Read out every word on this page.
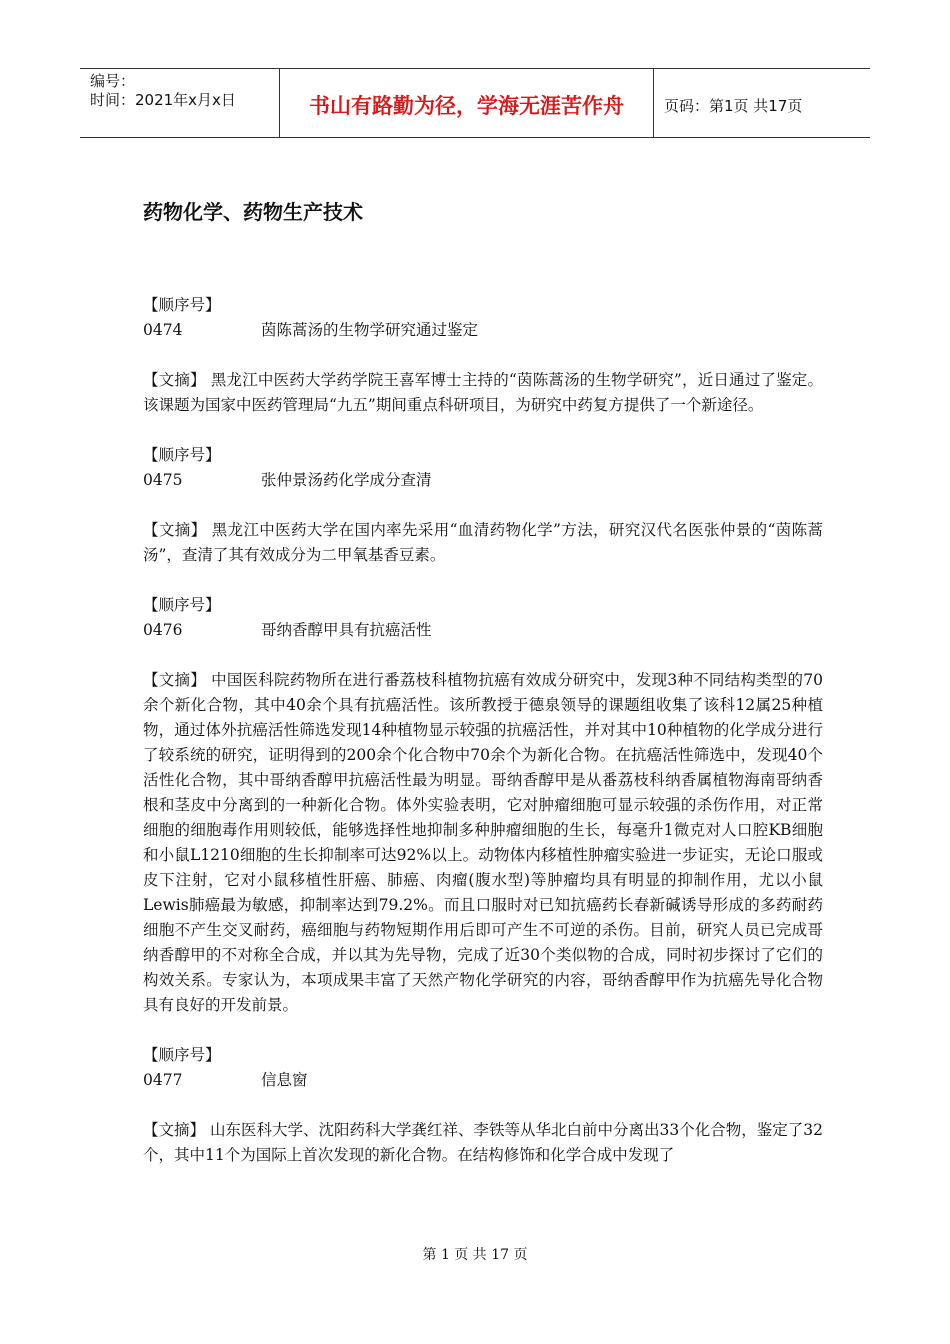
编号：
时间：2021年x月x日	书山有路勤为径，学海无涯苦作舟	页码：第1页 共17页
药物化学、药物生产技术

【顺序号】

0474	茵陈蒿汤的生物学研究通过鉴定

【文摘】 黑龙江中医药大学药学院王喜军博士主持的“茵陈蒿汤的生物学研究”，近日通过了鉴定。该课题为国家中医药管理局“九五”期间重点科研项目，为研究中药复方提供了一个新途径。

【顺序号】

0475	张仲景汤药化学成分查清

【文摘】 黑龙江中医药大学在国内率先采用“血清药物化学”方法，研究汉代名医张仲景的“茵陈蒿汤”，查清了其有效成分为二甲氧基香豆素。

【顺序号】

0476	哥纳香醇甲具有抗癌活性

【文摘】 中国医科院药物所在进行番荔枝科植物抗癌有效成分研究中，发现3种不同结构类型的70余个新化合物，其中40余个具有抗癌活性。该所教授于德泉领导的课题组收集了该科12属25种植物，通过体外抗癌活性筛选发现14种植物显示较强的抗癌活性，并对其中10种植物的化学成分进行了较系统的研究，证明得到的200余个化合物中70余个为新化合物。在抗癌活性筛选中，发现40个活性化合物，其中哥纳香醇甲抗癌活性最为明显。哥纳香醇甲是从番荔枝科纳香属植物海南哥纳香根和茎皮中分离到的一种新化合物。体外实验表明，它对肿瘤细胞可显示较强的杀伤作用，对正常细胞的细胞毒作用则较低，能够选择性地抑制多种肿瘤细胞的生长，每毫升1微克对人口腔KB细胞和小鼠L1210细胞的生长抑制率可达92%以上。动物体内移植性肿瘤实验进一步证实，无论口服或皮下注射，它对小鼠移植性肝癌、肺癌、肉瘤(腹水型)等肿瘤均具有明显的抑制作用，尤以小鼠Lewis肺癌最为敏感，抑制率达到79.2%。而且口服时对已知抗癌药长春新碱诱导形成的多药耐药细胞不产生交叉耐药，癌细胞与药物短期作用后即可产生不可逆的杀伤。目前，研究人员已完成哥纳香醇甲的不对称全合成，并以其为先导物，完成了近30个类似物的合成，同时初步探讨了它们的构效关系。专家认为，本项成果丰富了天然产物化学研究的内容，哥纳香醇甲作为抗癌先导化合物具有良好的开发前景。

【顺序号】

0477	信息窗

【文摘】 山东医科大学、沈阳药科大学龚红祥、李铁等从华北白前中分离出33个化合物，鉴定了32个，其中11个为国际上首次发现的新化合物。在结构修饰和化学合成中发现了

第 1 页 共 17 页
